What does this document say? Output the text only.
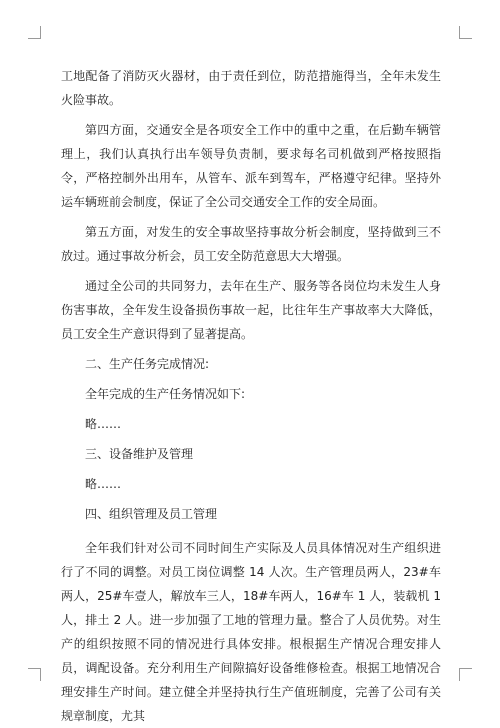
工地配备了消防灭火器材，由于责任到位，防范措施得当，全年未发生火险事故。

第四方面，交通安全是各项安全工作中的重中之重，在后勤车辆管理上，我们认真执行出车领导负责制，要求每名司机做到严格按照指令，严格控制外出用车，从管车、派车到驾车，严格遵守纪律。坚持外运车辆班前会制度，保证了全公司交通安全工作的安全局面。

第五方面，对发生的安全事故坚持事故分析会制度，坚持做到三不放过。通过事故分析会，员工安全防范意思大大增强。

通过全公司的共同努力，去年在生产、服务等各岗位均未发生人身伤害事故，全年发生设备损伤事故一起，比往年生产事故率大大降低，员工安全生产意识得到了显著提高。

二、生产任务完成情况:

全年完成的生产任务情况如下:

略……

三、设备维护及管理

略……

四、组织管理及员工管理

全年我们针对公司不同时间生产实际及人员具体情况对生产组织进行了不同的调整。对员工岗位调整 14 人次。生产管理员两人，23#车两人，25#车壹人，解放车三人，18#车两人，16#车 1 人，装载机 1 人，排土 2 人。进一步加强了工地的管理力量。整合了人员优势。对生产的组织按照不同的情况进行具体安排。根根据生产情况合理安排人员，调配设备。充分利用生产间隙搞好设备维修检查。根据工地情况合理安排生产时间。建立健全并坚持执行生产值班制度，完善了公司有关规章制度，尤其
